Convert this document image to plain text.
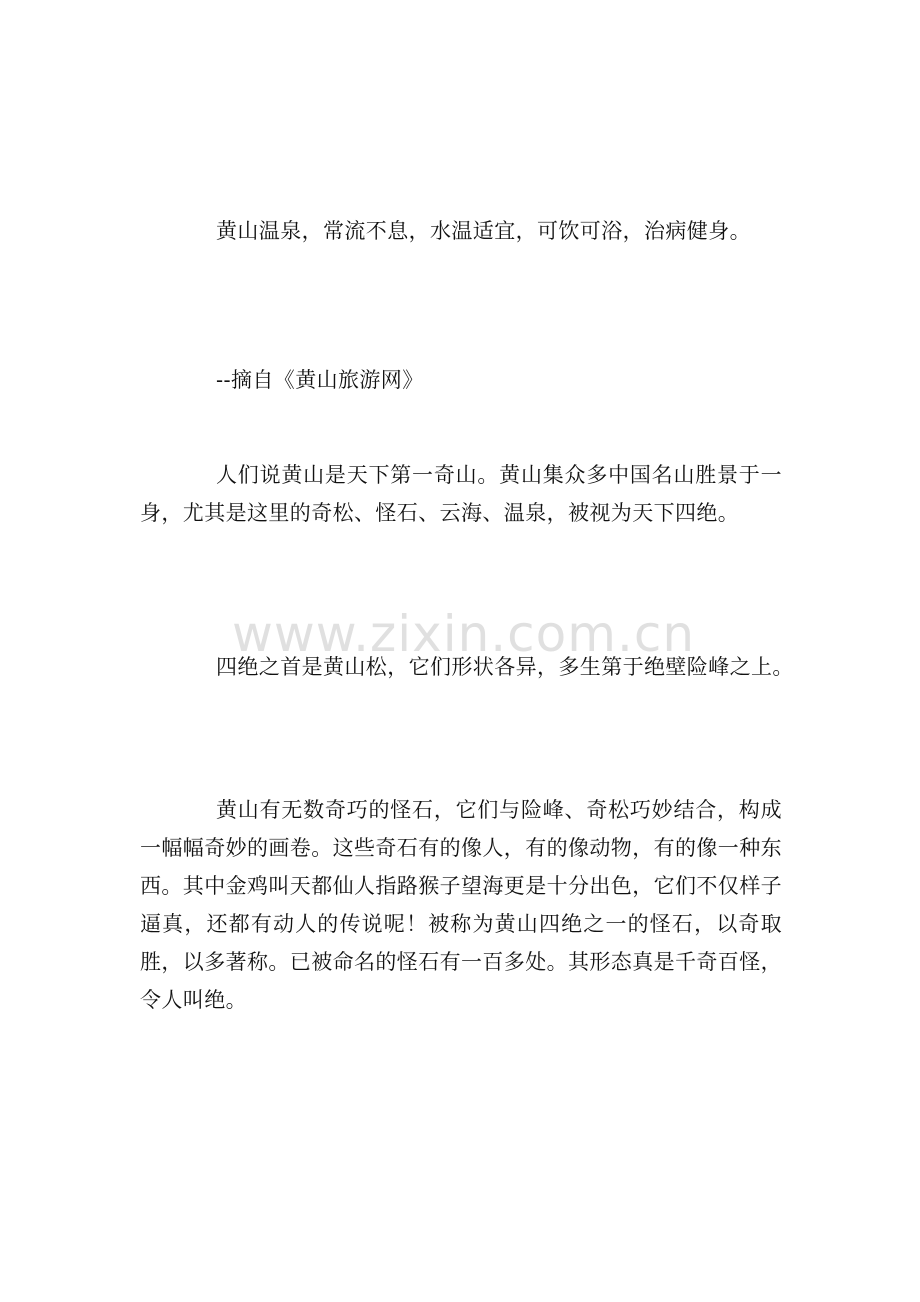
黄山温泉，常流不息，水温适宜，可饮可浴，治病健身。

--摘自《黄山旅游网》

人们说黄山是天下第一奇山。黄山集众多中国名山胜景于一身，尤其是这里的奇松、怪石、云海、温泉，被视为天下四绝。

www.zixin.com.cn

四绝之首是黄山松，它们形状各异，多生第于绝壁险峰之上。

黄山有无数奇巧的怪石，它们与险峰、奇松巧妙结合，构成一幅幅奇妙的画卷。这些奇石有的像人，有的像动物，有的像一种东西。其中金鸡叫天都仙人指路猴子望海更是十分出色，它们不仅样子逼真，还都有动人的传说呢！被称为黄山四绝之一的怪石，以奇取胜，以多著称。已被命名的怪石有一百多处。其形态真是千奇百怪，令人叫绝。
